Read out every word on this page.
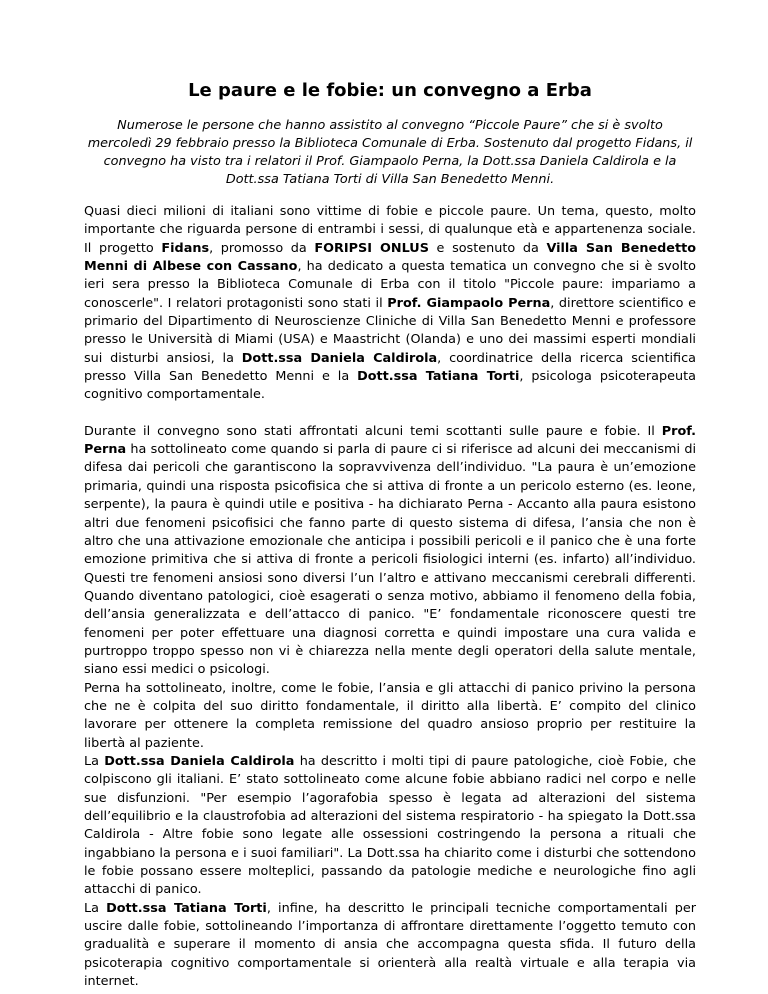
Le paure e le fobie: un convegno a Erba

Numerose le persone che hanno assistito al convegno “Piccole Paure” che si è svolto mercoledì 29 febbraio presso la Biblioteca Comunale di Erba. Sostenuto dal progetto Fidans, il convegno ha visto tra i relatori il Prof. Giampaolo Perna, la Dott.ssa Daniela Caldirola e la Dott.ssa Tatiana Torti di Villa San Benedetto Menni.

Quasi dieci milioni di italiani sono vittime di fobie e piccole paure. Un tema, questo, molto importante che riguarda persone di entrambi i sessi, di qualunque età e appartenenza sociale. Il progetto Fidans, promosso da FORIPSI ONLUS e sostenuto da Villa San Benedetto Menni di Albese con Cassano, ha dedicato a questa tematica un convegno che si è svolto ieri sera presso la Biblioteca Comunale di Erba con il titolo "Piccole paure: impariamo a conoscerle". I relatori protagonisti sono stati il Prof. Giampaolo Perna, direttore scientifico e primario del Dipartimento di Neuroscienze Cliniche di Villa San Benedetto Menni e professore presso le Università di Miami (USA) e Maastricht (Olanda) e uno dei massimi esperti mondiali sui disturbi ansiosi, la Dott.ssa Daniela Caldirola, coordinatrice della ricerca scientifica presso Villa San Benedetto Menni e la Dott.ssa Tatiana Torti, psicologa psicoterapeuta cognitivo comportamentale.

Durante il convegno sono stati affrontati alcuni temi scottanti sulle paure e fobie. Il Prof. Perna ha sottolineato come quando si parla di paure ci si riferisce ad alcuni dei meccanismi di difesa dai pericoli che garantiscono la sopravvivenza dell’individuo. "La paura è un’emozione primaria, quindi una risposta psicofisica che si attiva di fronte a un pericolo esterno (es. leone, serpente), la paura è quindi utile e positiva - ha dichiarato Perna - Accanto alla paura esistono altri due fenomeni psicofisici che fanno parte di questo sistema di difesa, l’ansia che non è altro che una attivazione emozionale che anticipa i possibili pericoli e il panico che è una forte emozione primitiva che si attiva di fronte a pericoli fisiologici interni (es. infarto) all’individuo. Questi tre fenomeni ansiosi sono diversi l’un l’altro e attivano meccanismi cerebrali differenti. Quando diventano patologici, cioè esagerati o senza motivo, abbiamo il fenomeno della fobia, dell’ansia generalizzata e dell’attacco di panico. "E’ fondamentale riconoscere questi tre fenomeni per poter effettuare una diagnosi corretta e quindi impostare una cura valida e purtroppo troppo spesso non vi è chiarezza nella mente degli operatori della salute mentale, siano essi medici o psicologi.

Perna ha sottolineato, inoltre, come le fobie, l’ansia e gli attacchi di panico privino la persona che ne è colpita del suo diritto fondamentale, il diritto alla libertà. E’ compito del clinico lavorare per ottenere la completa remissione del quadro ansioso proprio per restituire la libertà al paziente.

La Dott.ssa Daniela Caldirola ha descritto i molti tipi di paure patologiche, cioè Fobie, che colpiscono gli italiani. E’ stato sottolineato come alcune fobie abbiano radici nel corpo e nelle sue disfunzioni. "Per esempio l’agorafobia spesso è legata ad alterazioni del sistema dell’equilibrio e la claustrofobia ad alterazioni del sistema respiratorio - ha spiegato la Dott.ssa Caldirola - Altre fobie sono legate alle ossessioni costringendo la persona a rituali che ingabbiano la persona e i suoi familiari". La Dott.ssa ha chiarito come i disturbi che sottendono le fobie possano essere molteplici, passando da patologie mediche e neurologiche fino agli attacchi di panico.

La Dott.ssa Tatiana Torti, infine, ha descritto le principali tecniche comportamentali per uscire dalle fobie, sottolineando l’importanza di affrontare direttamente l’oggetto temuto con gradualità e superare il momento di ansia che accompagna questa sfida. Il futuro della psicoterapia cognitivo comportamentale si orienterà alla realtà virtuale e alla terapia via internet.
